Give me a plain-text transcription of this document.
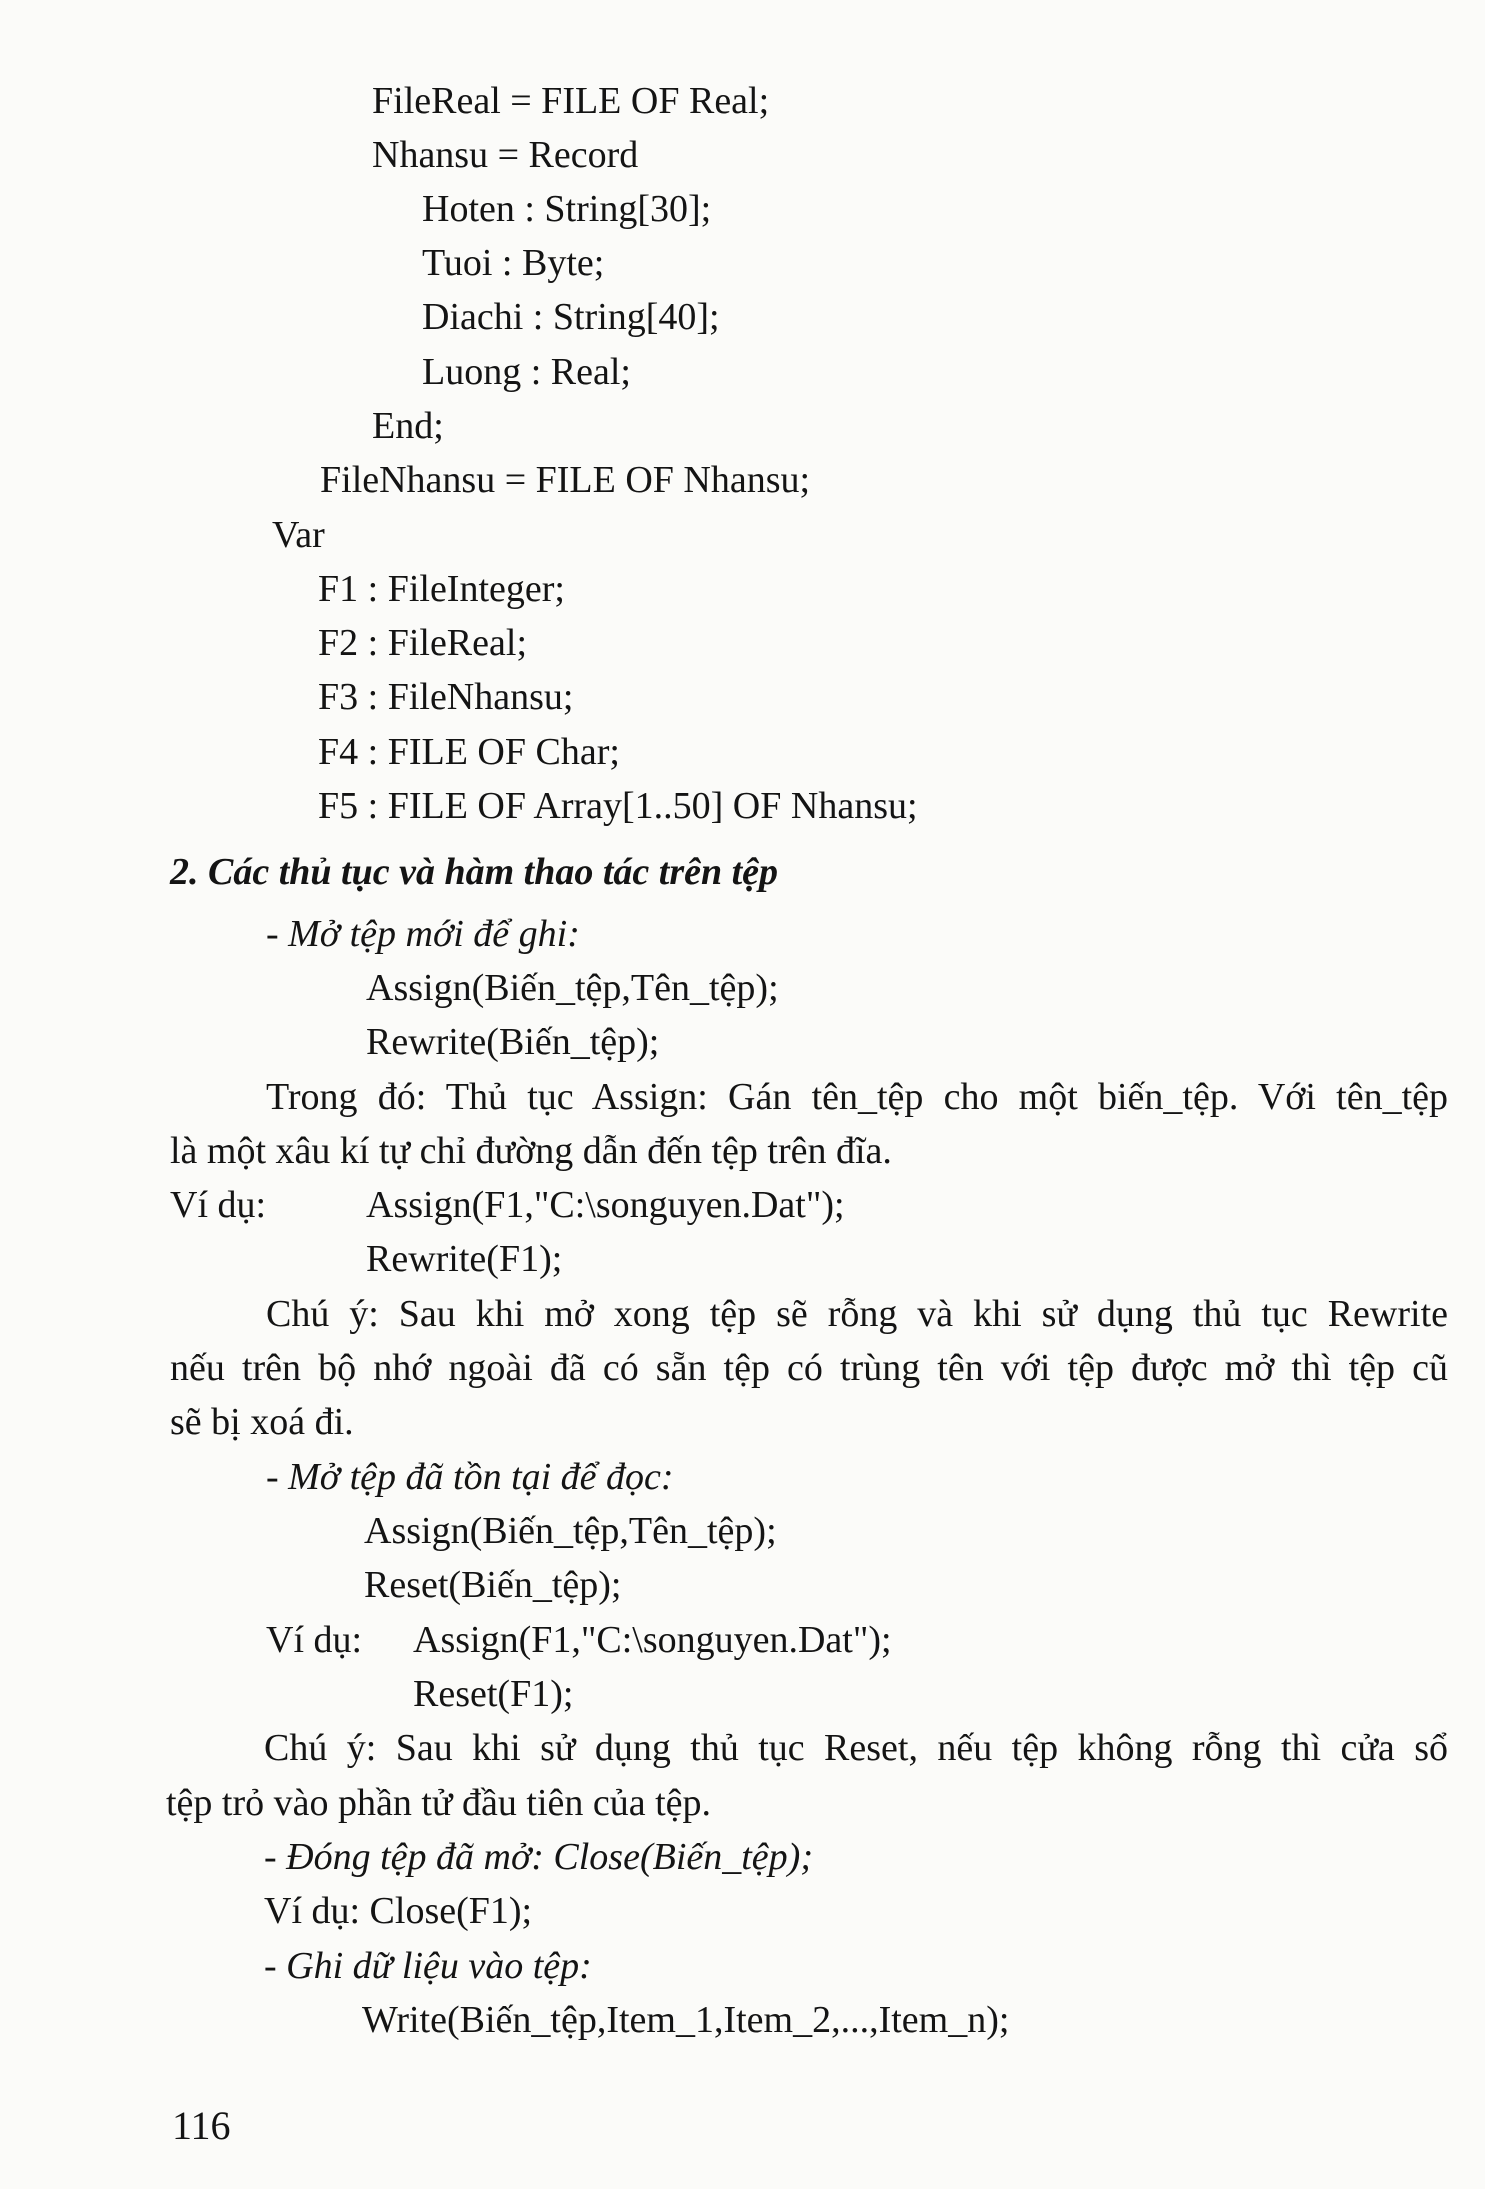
FileReal = FILE OF Real;
Nhansu = Record
Hoten : String[30];
Tuoi : Byte;
Diachi : String[40];
Luong : Real;
End;
FileNhansu = FILE OF Nhansu;
Var
F1 : FileInteger;
F2 : FileReal;
F3 : FileNhansu;
F4 : FILE OF Char;
F5 : FILE OF Array[1..50] OF Nhansu;
2. Các thủ tục và hàm thao tác trên tệp
- Mở tệp mới để ghi:
Assign(Biến_tệp,Tên_tệp);
Rewrite(Biến_tệp);
Trong đó: Thủ tục Assign: Gán tên_tệp cho một biến_tệp. Với tên_tệp
là một xâu kí tự chỉ đường dẫn đến tệp trên đĩa.
Ví dụ:	Assign(F1,"C:\songuyen.Dat");
Rewrite(F1);
Chú ý: Sau khi mở xong tệp sẽ rỗng và khi sử dụng thủ tục Rewrite
nếu trên bộ nhớ ngoài đã có sẵn tệp có trùng tên với tệp được mở thì tệp cũ
sẽ bị xoá đi.
- Mở tệp đã tồn tại để đọc:
Assign(Biến_tệp,Tên_tệp);
Reset(Biến_tệp);
Ví dụ: Assign(F1,"C:\songuyen.Dat");
Reset(F1);
Chú ý: Sau khi sử dụng thủ tục Reset, nếu tệp không rỗng thì cửa sổ
tệp trỏ vào phần tử đầu tiên của tệp.
- Đóng tệp đã mở: Close(Biến_tệp);
Ví dụ: Close(F1);
- Ghi dữ liệu vào tệp:
Write(Biến_tệp,Item_1,Item_2,...,Item_n);
116
